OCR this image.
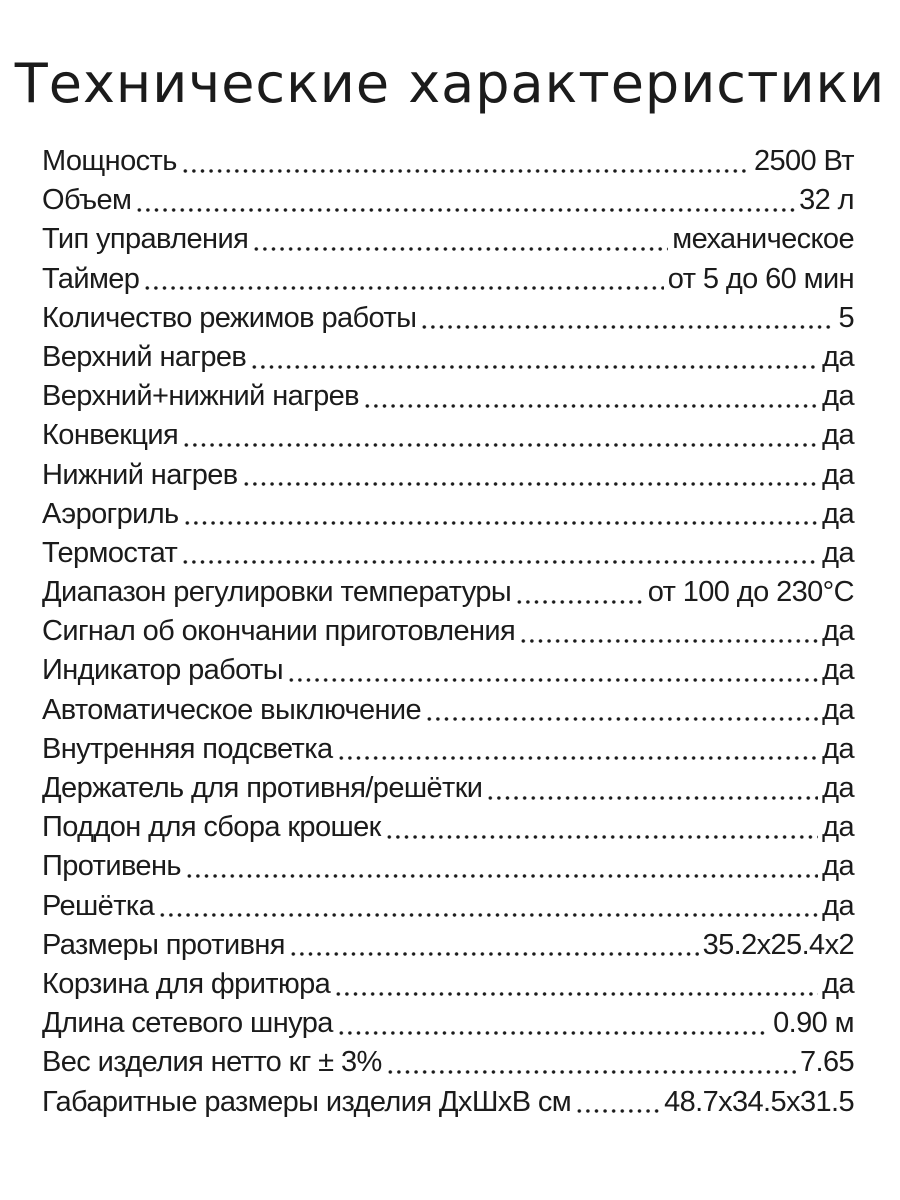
Технические характеристики
Мощность	2500 Вт
Объем	32 л
Тип управления	механическое
Таймер	от 5 до 60 мин
Количество режимов работы	5
Верхний нагрев	да
Верхний+нижний нагрев	да
Конвекция	да
Нижний нагрев	да
Аэрогриль	да
Термостат	да
Диапазон регулировки температуры	от 100 до 230°С
Сигнал об окончании приготовления	да
Индикатор работы	да
Автоматическое выключение	да
Внутренняя подсветка	да
Держатель для противня/решётки	да
Поддон для сбора крошек	да
Противень	да
Решётка	да
Размеры противня	35.2х25.4х2
Корзина для фритюра	да
Длина сетевого шнура	0.90 м
Вес изделия нетто кг ± 3%	7.65
Габаритные размеры изделия ДхШхВ см	48.7х34.5х31.5
